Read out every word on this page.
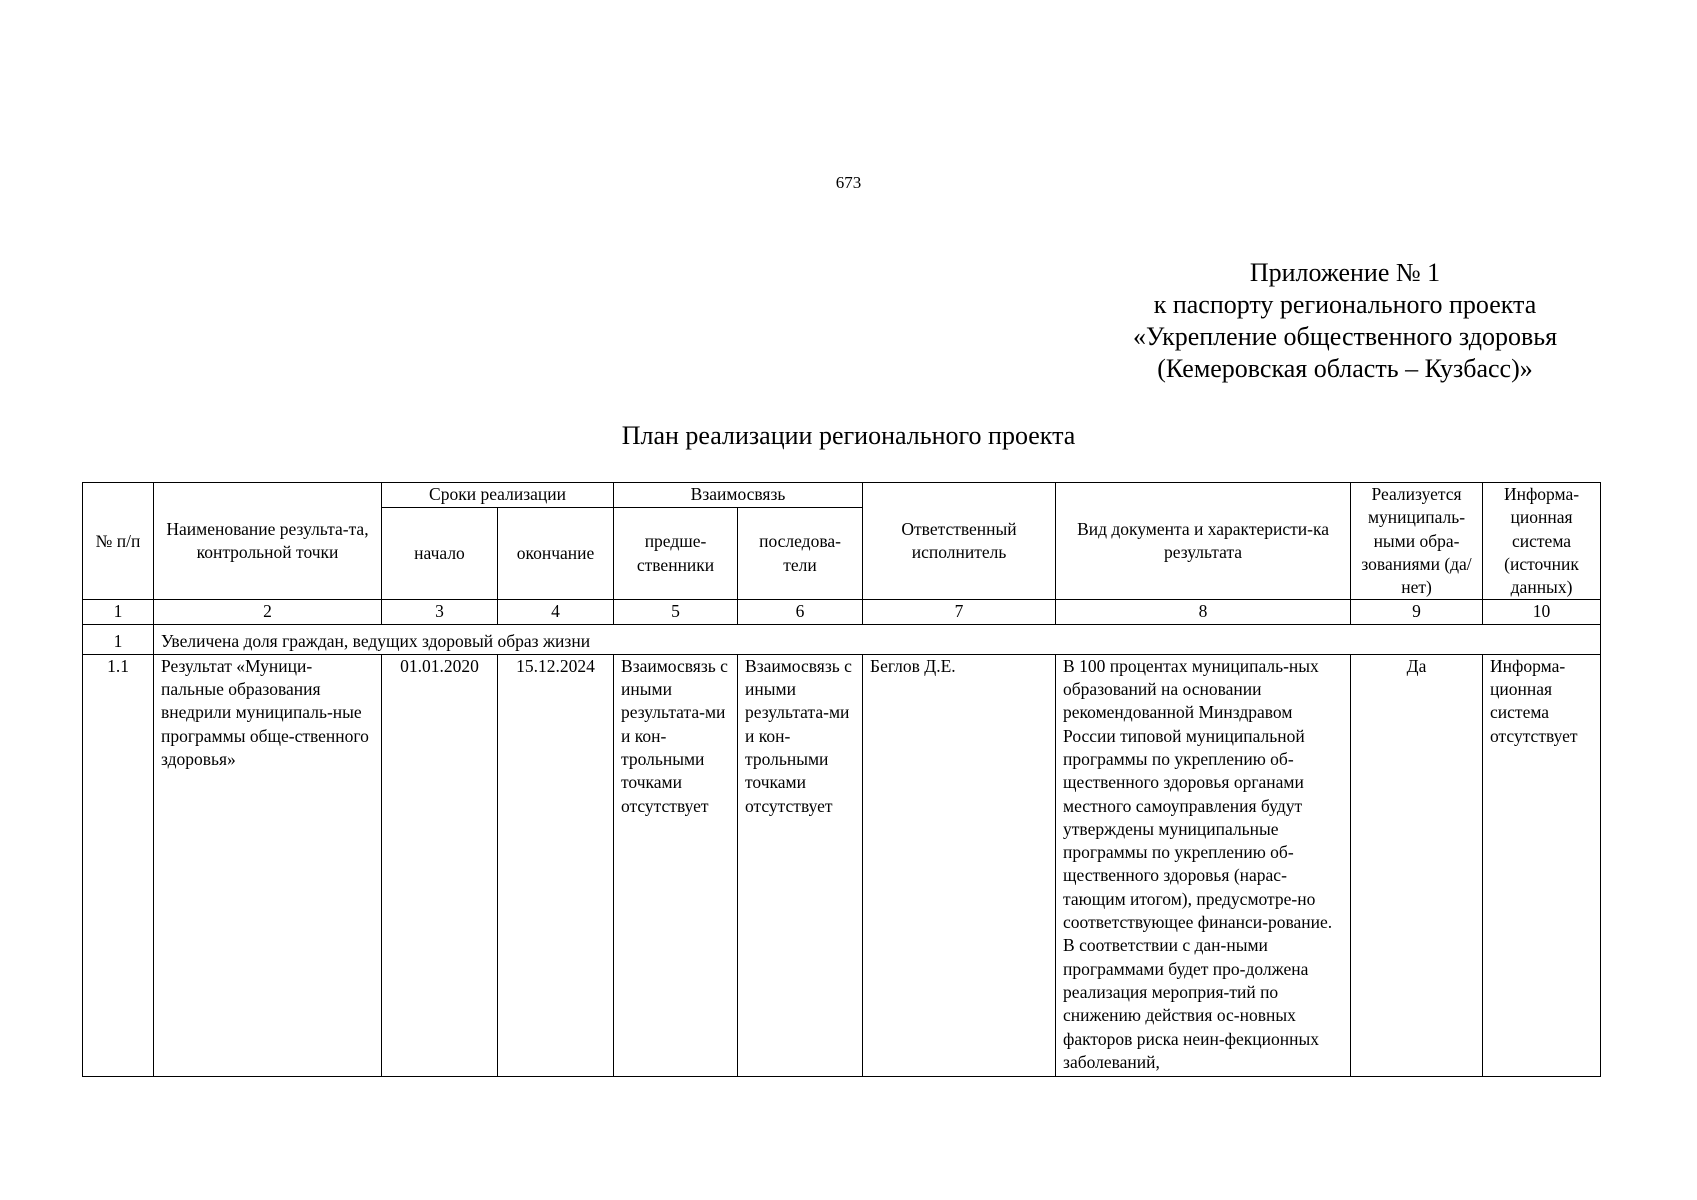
673
Приложение № 1
к паспорту регионального проекта
«Укрепление общественного здоровья
(Кемеровская область – Кузбасс)»
План реализации регионального проекта
№ п/п	Наименование результа-та, контрольной точки	Сроки реализации		Взаимосвязь		Ответственный исполнитель	Вид документа и характеристи-ка результата	Реализуется муниципаль-ными обра-зованиями (да/нет)	Информа-ционная система (источник данных)
		начало	окончание	предше-ственники	последова-тели				
1	2	3	4	5	6	7	8	9	10
1	Увеличена доля граждан, ведущих здоровый образ жизни								
1.1	Результат «Муници-пальные образования внедрили муниципаль-ные программы обще-ственного здоровья»	01.01.2020	15.12.2024	Взаимосвязь с иными результата-ми и кон-трольными точками отсутствует	Взаимосвязь с иными результата-ми и кон-трольными точками отсутствует	Беглов Д.Е.	В 100 процентах муниципаль-ных образований на основании рекомендованной Минздравом России типовой муниципальной программы по укреплению об-щественного здоровья органами местного самоуправления будут утверждены муниципальные программы по укреплению об-щественного здоровья (нарас-тающим итогом), предусмотре-но соответствующее финанси-рование. В соответствии с дан-ными программами будет про-должена реализация мероприя-тий по снижению действия ос-новных факторов риска неин-фекционных заболеваний,	Да	Информа-ционная система отсутствует
